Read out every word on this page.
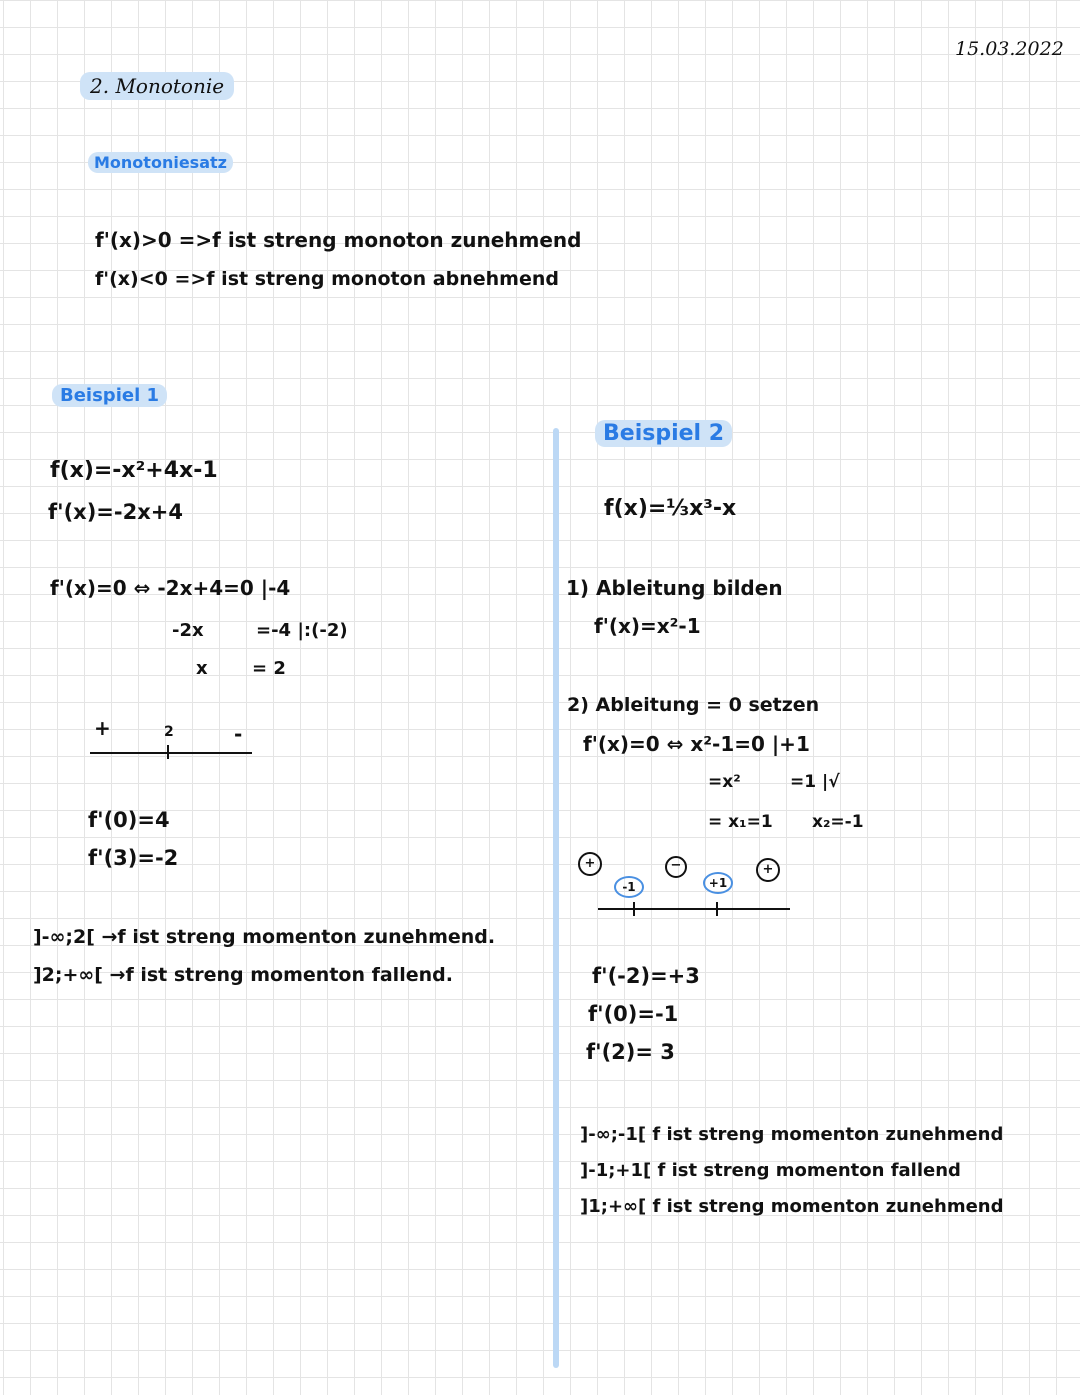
15.03.2022
2. Monotonie
Monotoniesatz
f'(x)>0 =>f ist streng monoton zunehmend
f'(x)<0 =>f ist streng monoton abnehmend
Beispiel 1
f(x)=-x²+4x-1
f'(x)=-2x+4
f'(x)=0 ⇔ -2x+4=0 |-4
-2x	=-4 |:(-2)
x = 2
+	2	-
f'(0)=4
f'(3)=-2
]-∞;2[ →f ist streng momenton zunehmend.
]2;+∞[ →f ist streng momenton fallend.
Beispiel 2
f(x)=⅓x³-x
1) Ableitung bilden
f'(x)=x²-1
2) Ableitung = 0 setzen
f'(x)=0 ⇔ x²-1=0 |+1
=x²	=1 |√
= x₁=1 x₂=-1
+
-1
−
+1
+
f'(-2)=+3
f'(0)=-1
f'(2)= 3
]-∞;-1[ f ist streng momenton zunehmend
]-1;+1[ f ist streng momenton fallend
]1;+∞[ f ist streng momenton zunehmend
